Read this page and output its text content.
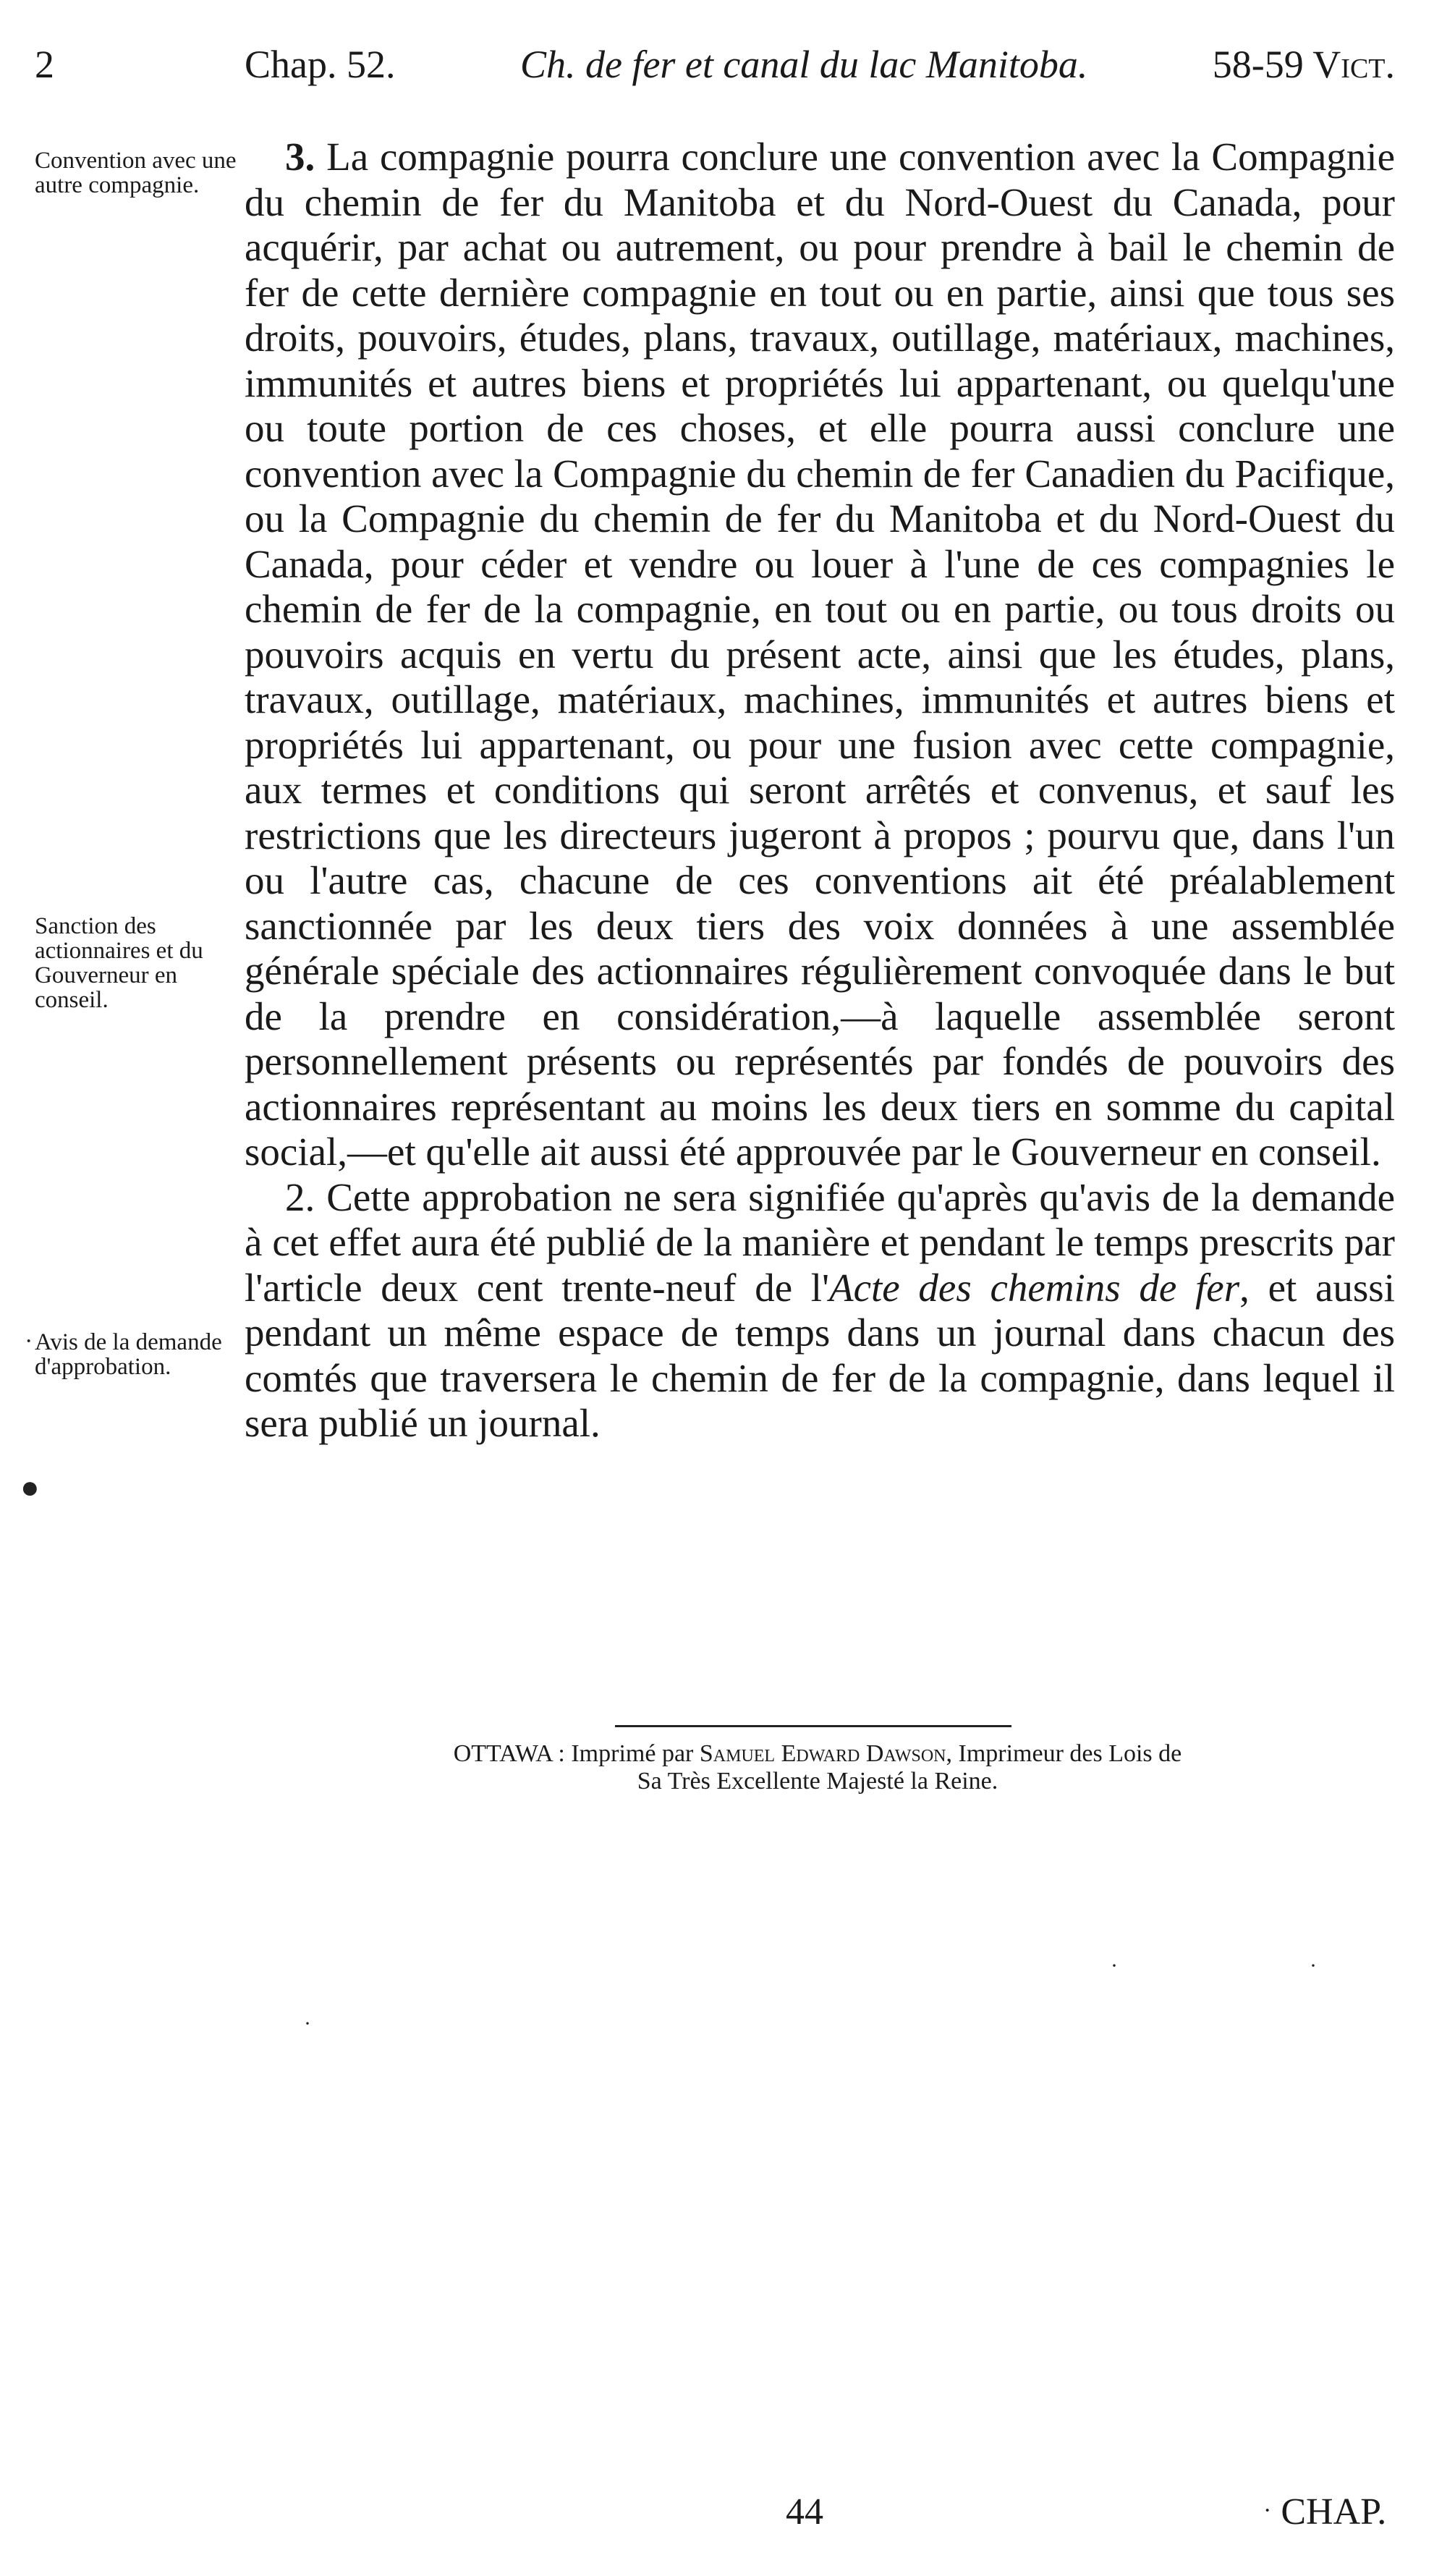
2	Chap. 52.	Ch. de fer et canal du lac Manitoba.	58-59 Vict.
Convention avec une autre compagnie.
Sanction des actionnaires et du Gouverneur en conseil.
Avis de la demande d'approbation.
·
●
·
·	·

3. La compagnie pourra conclure une convention avec la Compagnie du chemin de fer du Manitoba et du Nord-Ouest du Canada, pour acquérir, par achat ou autrement, ou pour prendre à bail le chemin de fer de cette dernière compagnie en tout ou en partie, ainsi que tous ses droits, pouvoirs, études, plans, travaux, outillage, matériaux, machines, immunités et autres biens et propriétés lui appartenant, ou quelqu'une ou toute portion de ces choses, et elle pourra aussi conclure une convention avec la Compagnie du chemin de fer Canadien du Pacifique, ou la Compagnie du chemin de fer du Manitoba et du Nord-Ouest du Canada, pour céder et vendre ou louer à l'une de ces compagnies le chemin de fer de la compagnie, en tout ou en partie, ou tous droits ou pouvoirs acquis en vertu du présent acte, ainsi que les études, plans, travaux, outillage, matériaux, machines, immunités et autres biens et propriétés lui appartenant, ou pour une fusion avec cette compagnie, aux termes et conditions qui seront arrêtés et convenus, et sauf les restrictions que les directeurs jugeront à propos ; pourvu que, dans l'un ou l'autre cas, chacune de ces conventions ait été préalablement sanctionnée par les deux tiers des voix données à une assemblée générale spéciale des actionnaires régulièrement convoquée dans le but de la prendre en considération,—à laquelle assemblée seront personnellement présents ou représentés par fondés de pouvoirs des actionnaires représentant au moins les deux tiers en somme du capital social,—et qu'elle ait aussi été approuvée par le Gouverneur en conseil.

2. Cette approbation ne sera signifiée qu'après qu'avis de la demande à cet effet aura été publié de la manière et pendant le temps prescrits par l'article deux cent trente-neuf de l'Acte des chemins de fer, et aussi pendant un même espace de temps dans un journal dans chacun des comtés que traversera le chemin de fer de la compagnie, dans lequel il sera publié un journal.

OTTAWA : Imprimé par Samuel Edward Dawson, Imprimeur des Lois de
Sa Très Excellente Majesté la Reine.
44	· CHAP.
